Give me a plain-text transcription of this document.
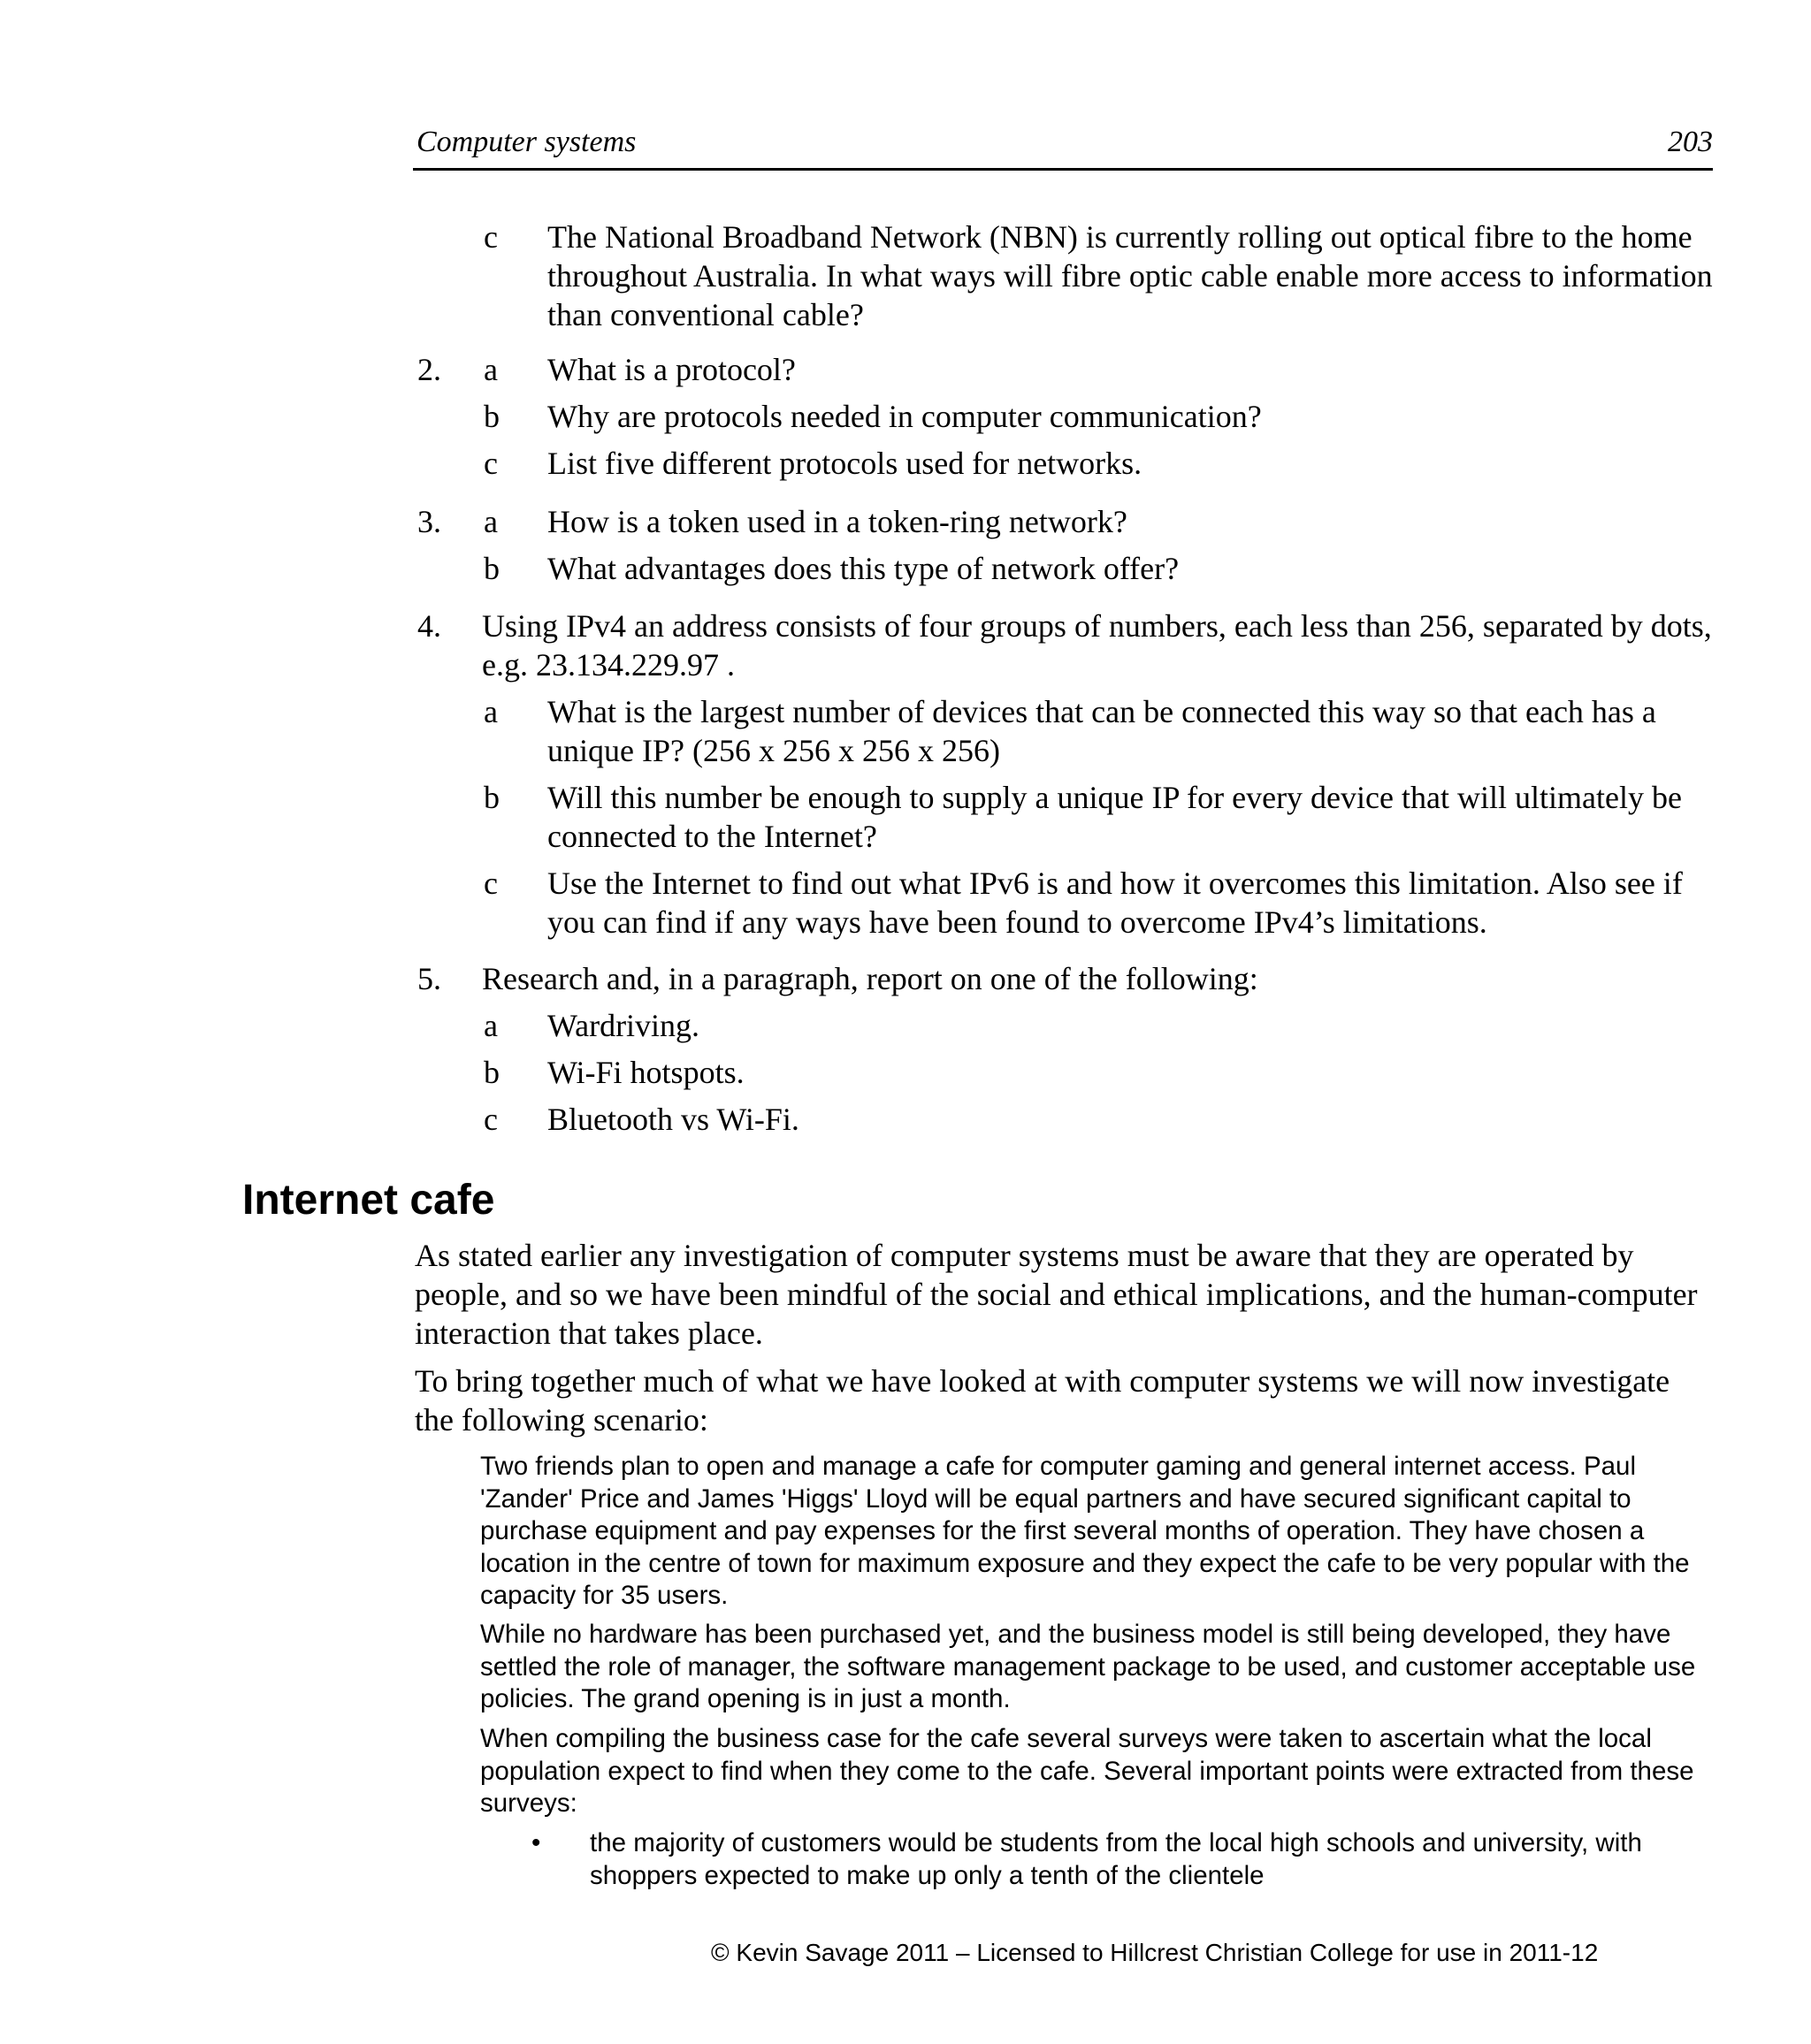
Computer systems	203
c The National Broadband Network (NBN) is currently rolling out optical fibre to the home throughout Australia. In what ways will fibre optic cable enable more access to information than conventional cable?
2. a What is a protocol?
b Why are protocols needed in computer communication?
c List five different protocols used for networks.
3. a How is a token used in a token-ring network?
b What advantages does this type of network offer?
4. Using IPv4 an address consists of four groups of numbers, each less than 256, separated by dots, e.g. 23.134.229.97 .
a What is the largest number of devices that can be connected this way so that each has a unique IP? (256 x 256 x 256 x 256)
b Will this number be enough to supply a unique IP for every device that will ultimately be connected to the Internet?
c Use the Internet to find out what IPv6 is and how it overcomes this limitation. Also see if you can find if any ways have been found to overcome IPv4’s limitations.
5. Research and, in a paragraph, report on one of the following:
a Wardriving.
b Wi-Fi hotspots.
c Bluetooth vs Wi-Fi.
Internet cafe
As stated earlier any investigation of computer systems must be aware that they are operated by people, and so we have been mindful of the social and ethical implications, and the human-computer interaction that takes place.
To bring together much of what we have looked at with computer systems we will now investigate the following scenario:
Two friends plan to open and manage a cafe for computer gaming and general internet access. Paul 'Zander' Price and James 'Higgs' Lloyd will be equal partners and have secured significant capital to purchase equipment and pay expenses for the first several months of operation. They have chosen a location in the centre of town for maximum exposure and they expect the cafe to be very popular with the capacity for 35 users.
While no hardware has been purchased yet, and the business model is still being developed, they have settled the role of manager, the software management package to be used, and customer acceptable use policies. The grand opening is in just a month.
When compiling the business case for the cafe several surveys were taken to ascertain what the local population expect to find when they come to the cafe. Several important points were extracted from these surveys:
• the majority of customers would be students from the local high schools and university, with shoppers expected to make up only a tenth of the clientele
© Kevin Savage 2011 – Licensed to Hillcrest Christian College for use in 2011-12
